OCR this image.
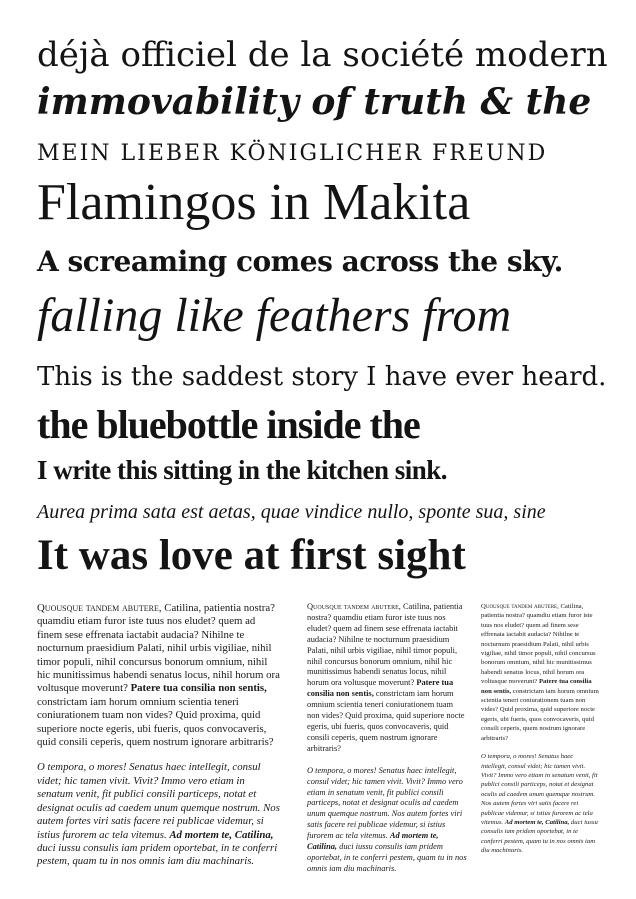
déjà officiel de la société modern

immovability of truth & the

MEIN LIEBER KÖNIGLICHER FREUND

Flamingos in Makita

A screaming comes across the sky.

falling like feathers from

This is the saddest story I have ever heard.

the bluebottle inside the

I write this sitting in the kitchen sink.

Aurea prima sata est aetas, quae vindice nullo, sponte sua, sine

It was love at first sight

Quousque tandem abutere, Catilina, patientia nostra? quamdiu etiam furor iste tuus nos eludet? quem ad finem sese effrenata iactabit audacia? Nihilne te nocturnum praesidium Palati, nihil urbis vigiliae, nihil timor populi, nihil concursus bonorum omnium, nihil hic munitissimus habendi senatus locus, nihil horum ora voltusque moverunt? Patere tua consilia non sentis, constrictam iam horum omnium scientia teneri coniurationem tuam non vides? Quid proxima, quid superiore nocte egeris, ubi fueris, quos convocaveris, quid consili ceperis, quem nostrum ignorare arbitraris?

O tempora, o mores! Senatus haec intellegit, consul videt; hic tamen vivit. Vivit? Immo vero etiam in senatum venit, fit publici consili particeps, notat et designat oculis ad caedem unum quemque nostrum. Nos autem fortes viri satis facere rei publicae videmur, si istius furorem ac tela vitemus. Ad mortem te, Catilina, duci iussu consulis iam pridem oportebat, in te conferri pestem, quam tu in nos omnis iam diu machinaris.

Quousque tandem abutere, Catilina, patientia nostra? quamdiu etiam furor iste tuus nos eludet? quem ad finem sese effrenata iactabit audacia? Nihilne te nocturnum praesidium Palati, nihil urbis vigiliae, nihil timor populi, nihil concursus bonorum omnium, nihil hic munitissimus habendi senatus locus, nihil horum ora voltusque moverunt? Patere tua consilia non sentis, constrictam iam horum omnium scientia teneri coniurationem tuam non vides? Quid proxima, quid superiore nocte egeris, ubi fueris, quos convocaveris, quid consili ceperis, quem nostrum ignorare arbitraris?

O tempora, o mores! Senatus haec intellegit, consul videt; hic tamen vivit. Vivit? Immo vero etiam in senatum venit, fit publici consili particeps, notat et designat oculis ad caedem unum quemque nostrum. Nos autem fortes viri satis facere rei publicae videmur, si istius furorem ac tela vitemus. Ad mortem te, Catilina, duci iussu consulis iam pridem oportebat, in te conferri pestem, quam tu in nos omnis iam diu machinaris.

Quousque tandem abutere, Catilina, patientia nostra? quamdiu etiam furor iste tuus nos eludet? quem ad finem sese effrenata iactabit audacia? Nihilne te nocturnum praesidium Palati, nihil urbis vigiliae, nihil timor populi, nihil concursus bonorum omnium, nihil hic munitissimus habendi senatus locus, nihil horum ora voltusque moverunt? Patere tua consilia non sentis, constrictam iam horum omnium scientia teneri coniurationem tuam non vides? Quid proxima, quid superiore nocte egeris, ubi fueris, quos convocaveris, quid consili ceperis, quem nostrum ignorare arbitraris?

O tempora, o mores! Senatus haec intellegit, consul videt; hic tamen vivit. Vivit? Immo vero etiam in senatum venit, fit publici consili particeps, notat et designat oculis ad caedem unum quemque nostrum. Nos autem fortes viri satis facere rei publicae videmur, si istius furorem ac tela vitemus. Ad mortem te, Catilina, duci iussu consulis iam pridem oportebat, in te conferri pestem, quam tu in nos omnis iam diu machinaris.
